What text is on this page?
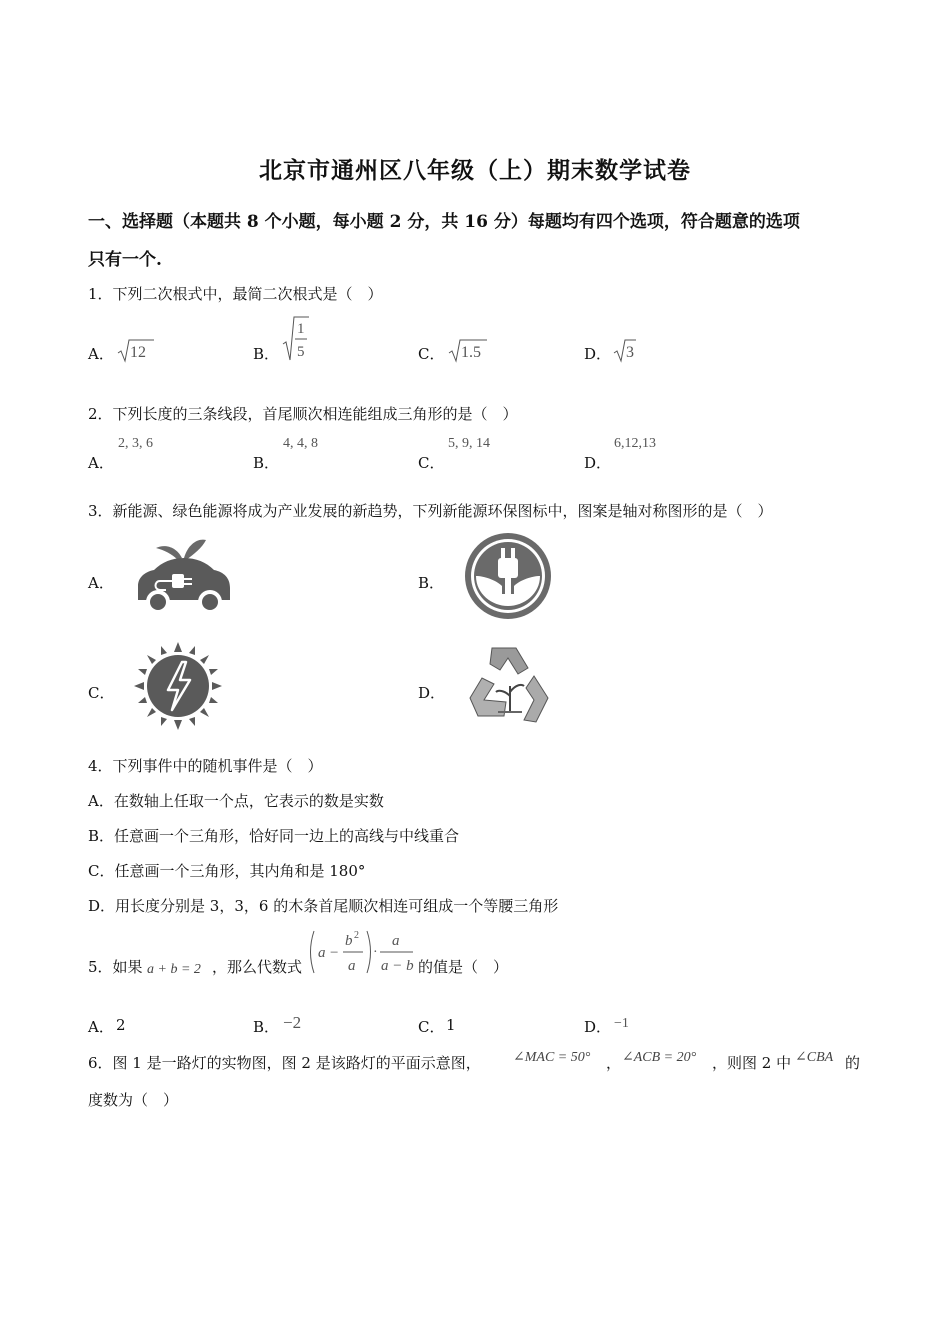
北京市通州区八年级（上）期末数学试卷
一、选择题（本题共 8 个小题，每小题 2 分，共 16 分）每题均有四个选项，符合题意的选项
只有一个.
1．下列二次根式中，最简二次根式是（　）
A． 12	B．
1
5	C． 1.5	D． 3
2．下列长度的三条线段，首尾顺次相连能组成三角形的是（　）
A．
2, 3, 6
B．
4, 4, 8
C．
5, 9, 14
D．
6,12,13
3．新能源、绿色能源将成为产业发展的新趋势，下列新能源环保图标中，图案是轴对称图形的是（　）
A．	B．
C．	D．
4．下列事件中的随机事件是（　）
A．在数轴上任取一个点，它表示的数是实数
B．任意画一个三角形，恰好同一边上的高线与中线重合
C．任意画一个三角形，其内角和是 180°
D．用长度分别是 3，3，6 的木条首尾顺次相连可组成一个等腰三角形
5．如果 a + b = 2 ，那么代数式
a −
b 2
a
·
a
a − b 的值是（　）
A． 2	B． −2	C． 1	D． −1
6．图 1 是一路灯的实物图，图 2 是该路灯的平面示意图， ∠MAC = 50° ， ∠ACB = 20° ，则图 2 中 ∠CBA 的
度数为（　）
